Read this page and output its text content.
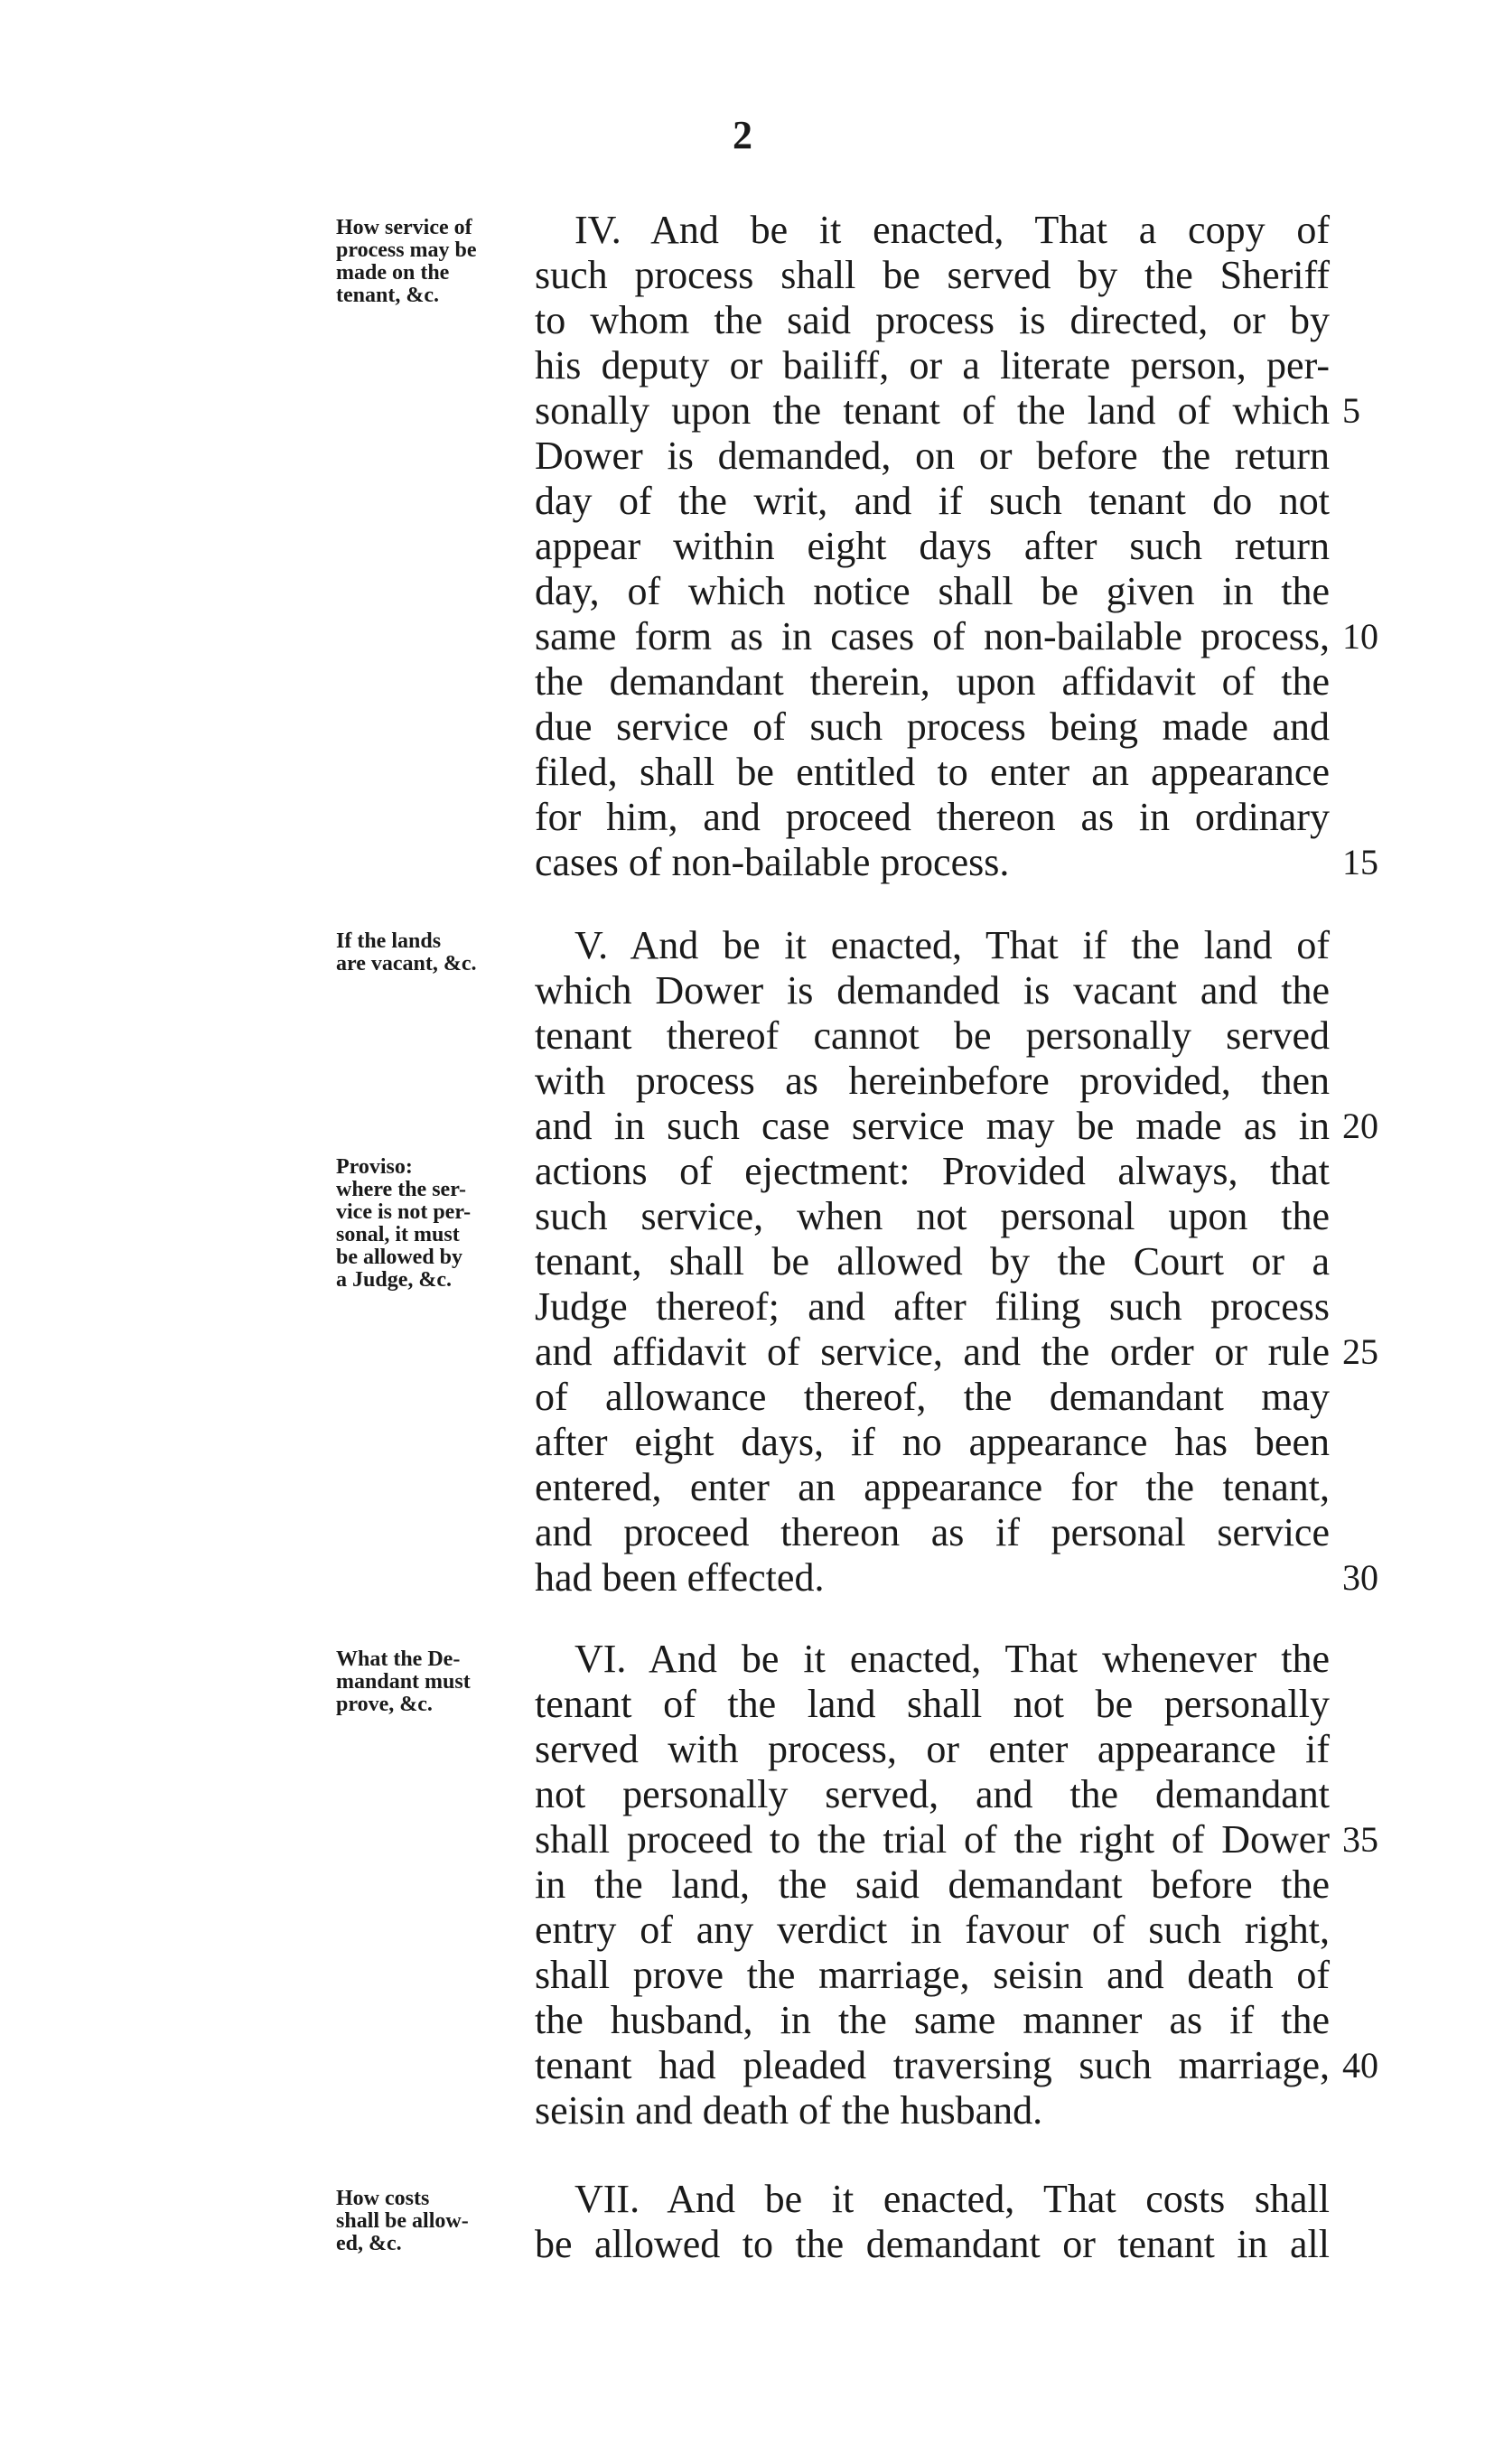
2
How service of
process may be
made on the
tenant, &c.
IV. And be it enacted, That a copy of
such process shall be served by the Sheriff
to whom the said process is directed, or by
his deputy or bailiff, or a literate person, per-
sonally upon the tenant of the land of which
Dower is demanded, on or before the return
day of the writ, and if such tenant do not
appear within eight days after such return
day, of which notice shall be given in the
same form as in cases of non-bailable process,
the demandant therein, upon affidavit of the
due service of such process being made and
filed, shall be entitled to enter an appearance
for him, and proceed thereon as in ordinary
cases of non-bailable process.
If the lands
are vacant, &c.
Proviso:
where the ser-
vice is not per-
sonal, it must
be allowed by
a Judge, &c.
V. And be it enacted, That if the land of
which Dower is demanded is vacant and the
tenant thereof cannot be personally served
with process as hereinbefore provided, then
and in such case service may be made as in
actions of ejectment: Provided always, that
such service, when not personal upon the
tenant, shall be allowed by the Court or a
Judge thereof; and after filing such process
and affidavit of service, and the order or rule
of allowance thereof, the demandant may
after eight days, if no appearance has been
entered, enter an appearance for the tenant,
and proceed thereon as if personal service
had been effected.
What the De-
mandant must
prove, &c.
VI. And be it enacted, That whenever the
tenant of the land shall not be personally
served with process, or enter appearance if
not personally served, and the demandant
shall proceed to the trial of the right of Dower
in the land, the said demandant before the
entry of any verdict in favour of such right,
shall prove the marriage, seisin and death of
the husband, in the same manner as if the
tenant had pleaded traversing such marriage,
seisin and death of the husband.
How costs
shall be allow-
ed, &c.
VII. And be it enacted, That costs shall
be allowed to the demandant or tenant in all
5
10
15
20
25
30
35
40
